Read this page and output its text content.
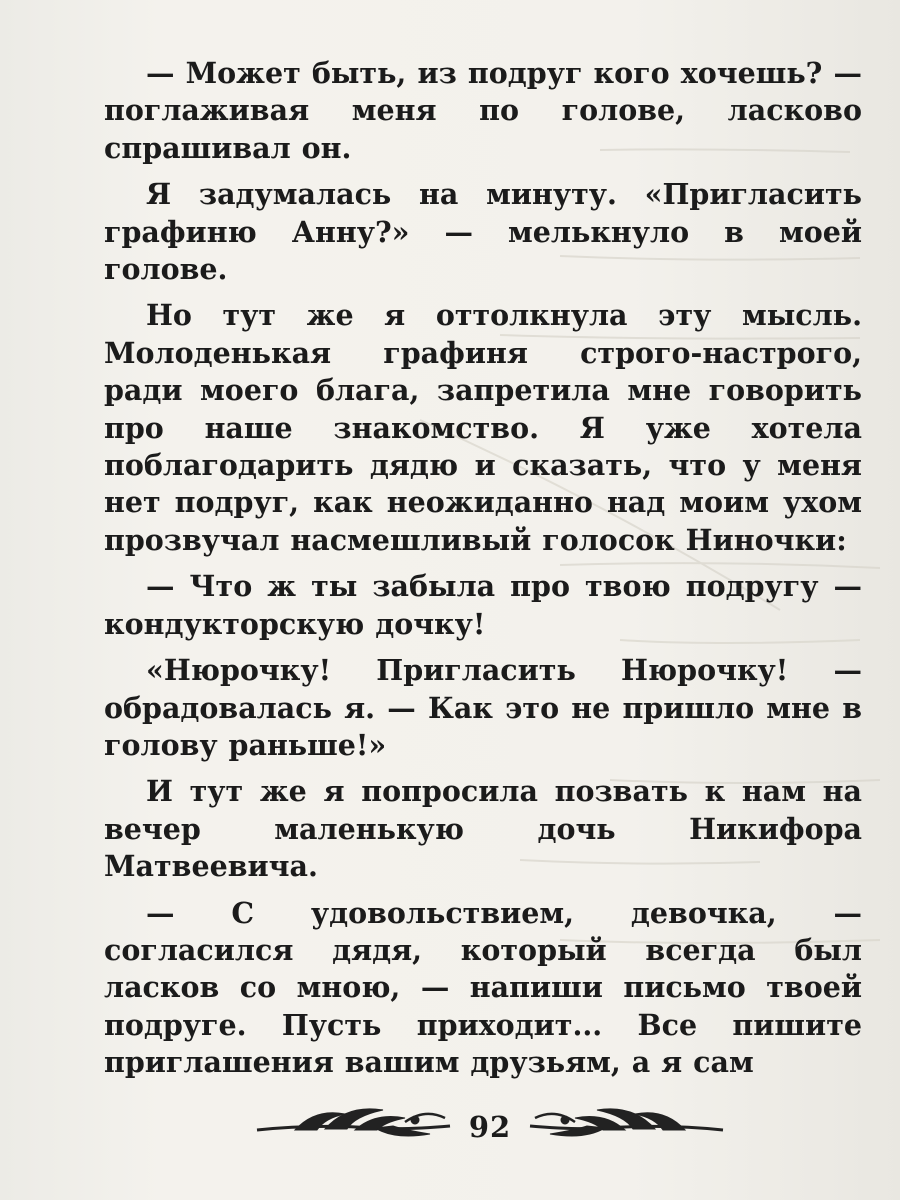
— Может быть, из подруг кого хочешь? — поглаживая меня по голове, ласково спрашивал он.

Я задумалась на минуту. «Пригласить графиню Анну?» — мелькнуло в моей голове.

Но тут же я оттолкнула эту мысль. Молоденькая графиня строго-настрого, ради моего блага, запретила мне говорить про наше знакомство. Я уже хотела поблагодарить дядю и сказать, что у меня нет подруг, как неожиданно над моим ухом прозвучал насмешливый голосок Ниночки:

— Что ж ты забыла про твою подругу — кондукторскую дочку!

«Нюрочку! Пригласить Нюрочку! — обрадовалась я. — Как это не пришло мне в голову раньше!»

И тут же я попросила позвать к нам на вечер маленькую дочь Никифора Матвеевича.

— С удовольствием, девочка, — согласился дядя, который всегда был ласков со мною, — напиши письмо твоей подруге. Пусть приходит... Все пишите приглашения вашим друзьям, а я сам

92
